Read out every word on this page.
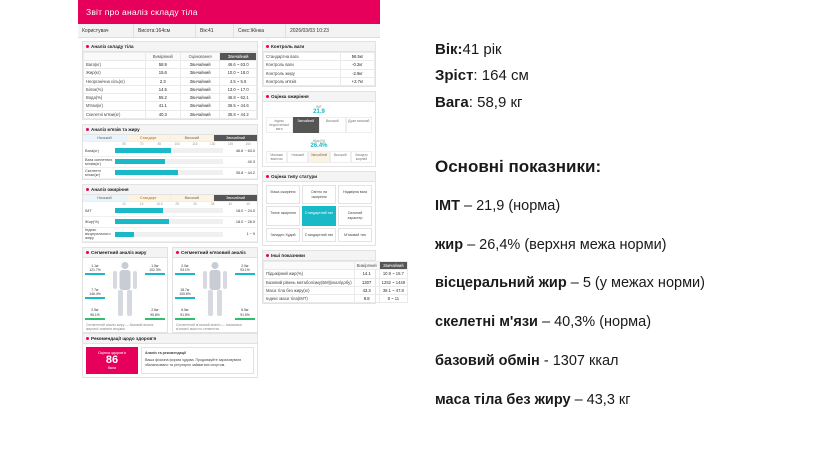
Звіт про аналіз складу тіла
Користувач	Висота:164см	Вік:41	Секс:Жінка	2026/03/03 10:23
Аналіз складу тіла
	Виміряний	Оцінювання	Звичайний
Вага(кг)	58.9	Звичайний	46.6 ~ 63.0
Жир(кг)	15.6	Звичайний	10.0 ~ 18.0
Неорганічна сіль(кг)	2.3	Звичайний	4.5 ~ 5.6
Білок(%)	14.5	Звичайний	13.0 ~ 17.0
Вода(%)	55.2	Звичайний	46.8 ~ 62.1
М'язи(кг)	41.1	Звичайний	36.5 ~ 44.6
Скелетні м'язи(кг)	40.3	Звичайний	35.8 ~ 44.2
Аналіз м'язів та жиру
Низький	Стандарт	Високий	Звичайний
55	70	85	100	115	130	145	160
Вага(кг)	46.6 ~ 63.0
Вага скелетних м'язів(кг)	40.3
Скелетні м'язи(кг)	35.8 ~ 44.2
Аналіз ожиріння
Низький	Стандарт	Високий	Звичайний
10	15	18.5	25	30	35	40	45
ІМТ	18.0 ~ 24.0
Жир(%)	18.0 ~ 28.0
Індекс вісцерального жиру
1 ~ 9
Сегментний аналіз жиру
1.1кг
121.7%
1.5кг
102.3%
7.7кг
146.4%
2.5кг
96.1%
2.6кг
95.8%
Сегментний аналіз жиру — базовий аналіз жирової тканини кінцівок
Сегментний м'язовий аналіз
2.0кг
93.1%
2.0кг
93.1%
18.7кг
100.6%
6.5кг
91.5%
6.5кг
91.5%
Сегментний м'язовий аналіз — показники м'язової маси по сегментах
Рекомендації щодо здоров'я
Оцінка здоров'я
86
бали
Аналіз та рекомендації
Ваша фізична форма чудова. Продовжуйте зaраховувати збалансовано та регулярно займатися спортом.
Контроль ваги
Стандартна вага	56.5кг
Контроль ваги	-0.2кг
Контроль жиру	-2.9кг
Контроль м'язів	+2.7кг
Оцінка ожиріння
ІМТ
21.9
Індекс недостатньої ваги
Звичайний	Високий	Дуже високий
Жир(%)
26.4%
Малими вмістом
Низький	Звичайний	Високий	Занадто жирний
Оцінка типу статури
Маса ожиріння	Світло на ожиріння
Надмірна вага
Тонке ожиріння	Стандартний тип	Сильний характер
Занадто Худий	Стандартний тип	М'язовий тип
Інші показники
	Виміряний	Звичайний
Підшкірний жир(%)	14.1	10.9 ~ 15.7
Базовий рівень метаболізму(БМ)(ккал/добу)	1307	1252 ~ 1448
Маса тіла без жиру(кг)	43.3	38.1 ~ 47.8
Індекс маси тіла(ІМТ)	8.8	8 ~ 11
Вік:41 рік
Зріст: 164 см
Вага: 58,9 кг
Основні показники:
ІМТ – 21,9 (норма)
жир – 26,4% (верхня межа норми)
вісцеральний жир – 5 (у межах норми)
скелетні м'язи – 40,3% (норма)
базовий обмін - 1307 ккал
маса тіла без жиру – 43,3 кг
